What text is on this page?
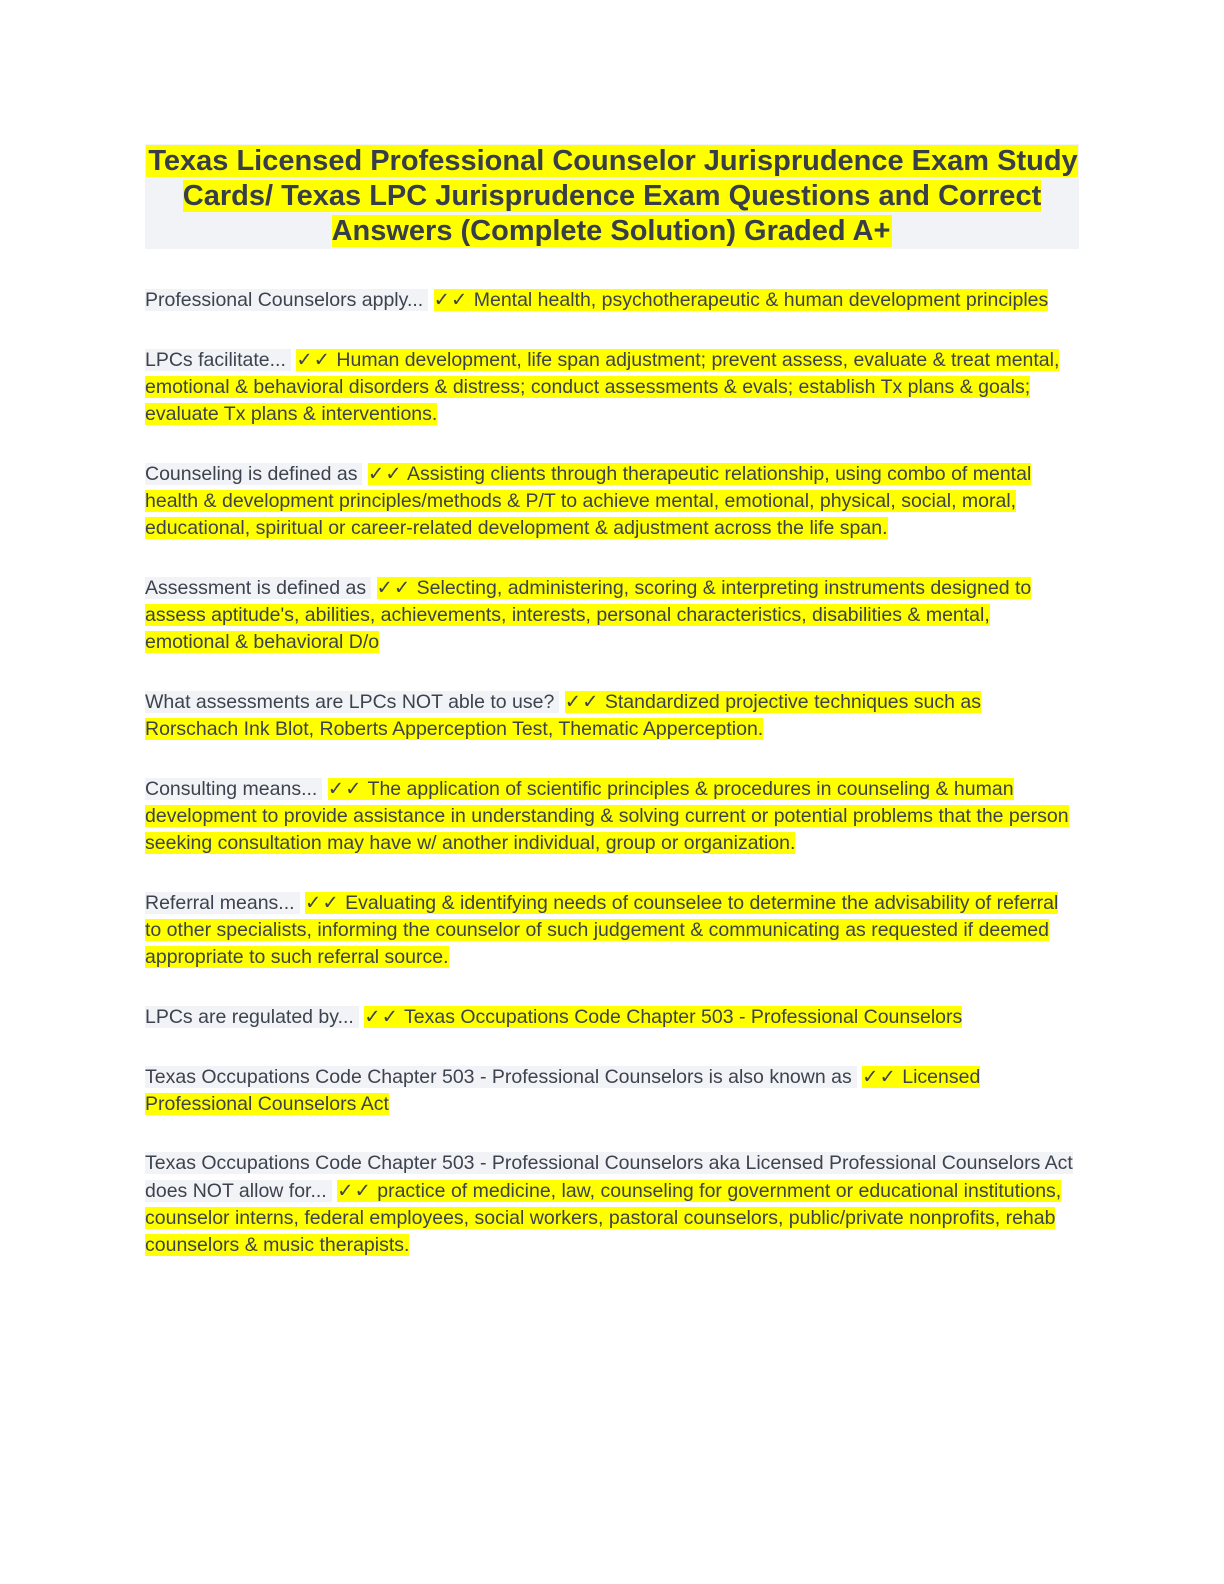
Texas Licensed Professional Counselor Jurisprudence Exam Study Cards/ Texas LPC Jurisprudence Exam Questions and Correct Answers (Complete Solution) Graded A+

Professional Counselors apply... ✓✓ Mental health, psychotherapeutic & human development principles

LPCs facilitate... ✓✓ Human development, life span adjustment; prevent assess, evaluate & treat mental, emotional & behavioral disorders & distress; conduct assessments & evals; establish Tx plans & goals; evaluate Tx plans & interventions.

Counseling is defined as ✓✓ Assisting clients through therapeutic relationship, using combo of mental health & development principles/methods & P/T to achieve mental, emotional, physical, social, moral, educational, spiritual or career-related development & adjustment across the life span.

Assessment is defined as ✓✓ Selecting, administering, scoring & interpreting instruments designed to assess aptitude's, abilities, achievements, interests, personal characteristics, disabilities & mental, emotional & behavioral D/o

What assessments are LPCs NOT able to use? ✓✓ Standardized projective techniques such as Rorschach Ink Blot, Roberts Apperception Test, Thematic Apperception.

Consulting means... ✓✓ The application of scientific principles & procedures in counseling & human development to provide assistance in understanding & solving current or potential problems that the person seeking consultation may have w/ another individual, group or organization.

Referral means... ✓✓ Evaluating & identifying needs of counselee to determine the advisability of referral to other specialists, informing the counselor of such judgement & communicating as requested if deemed appropriate to such referral source.

LPCs are regulated by... ✓✓ Texas Occupations Code Chapter 503 - Professional Counselors

Texas Occupations Code Chapter 503 - Professional Counselors is also known as ✓✓ Licensed Professional Counselors Act

Texas Occupations Code Chapter 503 - Professional Counselors aka Licensed Professional Counselors Act does NOT allow for... ✓✓ practice of medicine, law, counseling for government or educational institutions, counselor interns, federal employees, social workers, pastoral counselors, public/private nonprofits, rehab counselors & music therapists.
